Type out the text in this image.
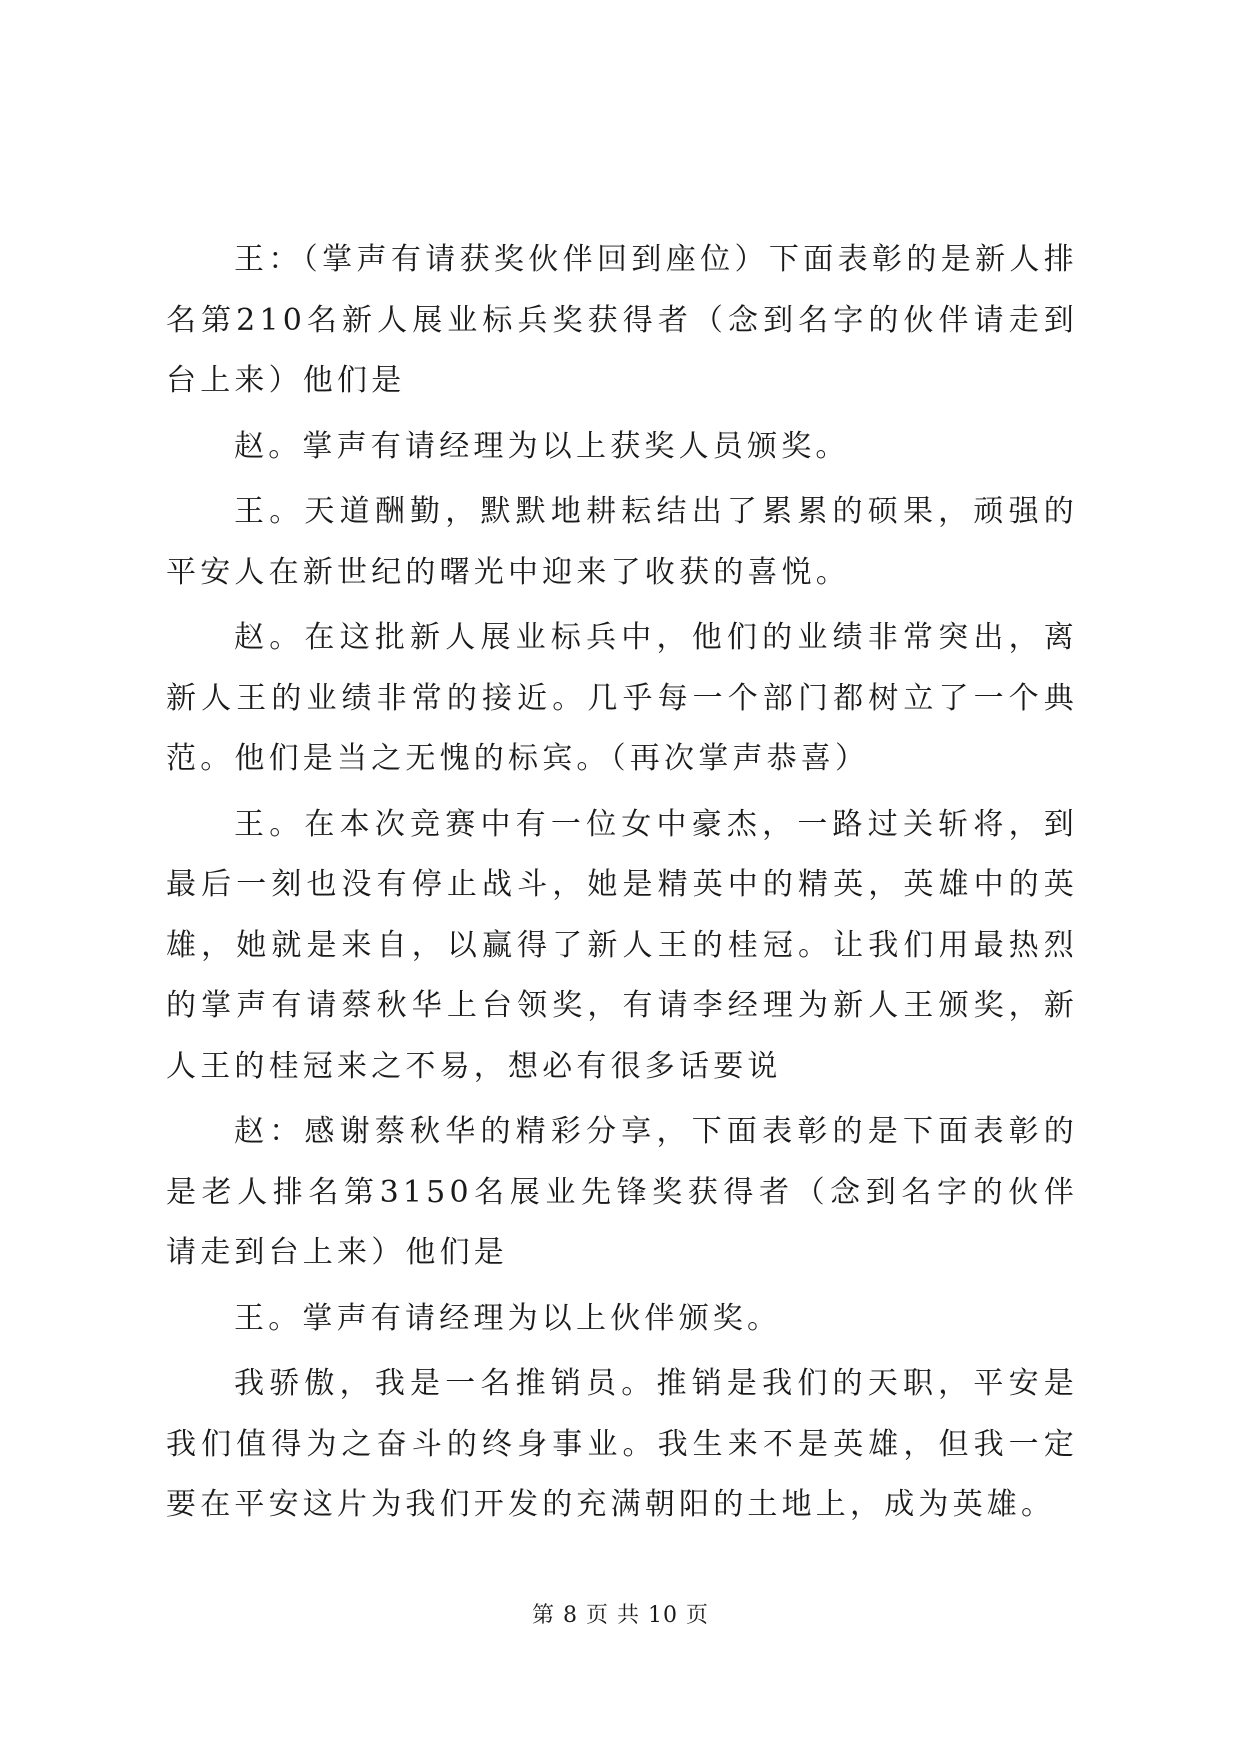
王：（掌声有请获奖伙伴回到座位）下面表彰的是新人排名第210名新人展业标兵奖获得者（念到名字的伙伴请走到台上来）他们是

赵。掌声有请经理为以上获奖人员颁奖。

王。天道酬勤，默默地耕耘结出了累累的硕果，顽强的平安人在新世纪的曙光中迎来了收获的喜悦。

赵。在这批新人展业标兵中，他们的业绩非常突出，离新人王的业绩非常的接近。几乎每一个部门都树立了一个典范。他们是当之无愧的标宾。（再次掌声恭喜）

王。在本次竞赛中有一位女中豪杰，一路过关斩将，到最后一刻也没有停止战斗，她是精英中的精英，英雄中的英雄，她就是来自，以赢得了新人王的桂冠。让我们用最热烈的掌声有请蔡秋华上台领奖，有请李经理为新人王颁奖，新人王的桂冠来之不易，想必有很多话要说

赵：感谢蔡秋华的精彩分享，下面表彰的是下面表彰的是老人排名第3150名展业先锋奖获得者（念到名字的伙伴请走到台上来）他们是

王。掌声有请经理为以上伙伴颁奖。

我骄傲，我是一名推销员。推销是我们的天职，平安是我们值得为之奋斗的终身事业。我生来不是英雄，但我一定要在平安这片为我们开发的充满朝阳的土地上，成为英雄。

第 8 页 共 10 页
